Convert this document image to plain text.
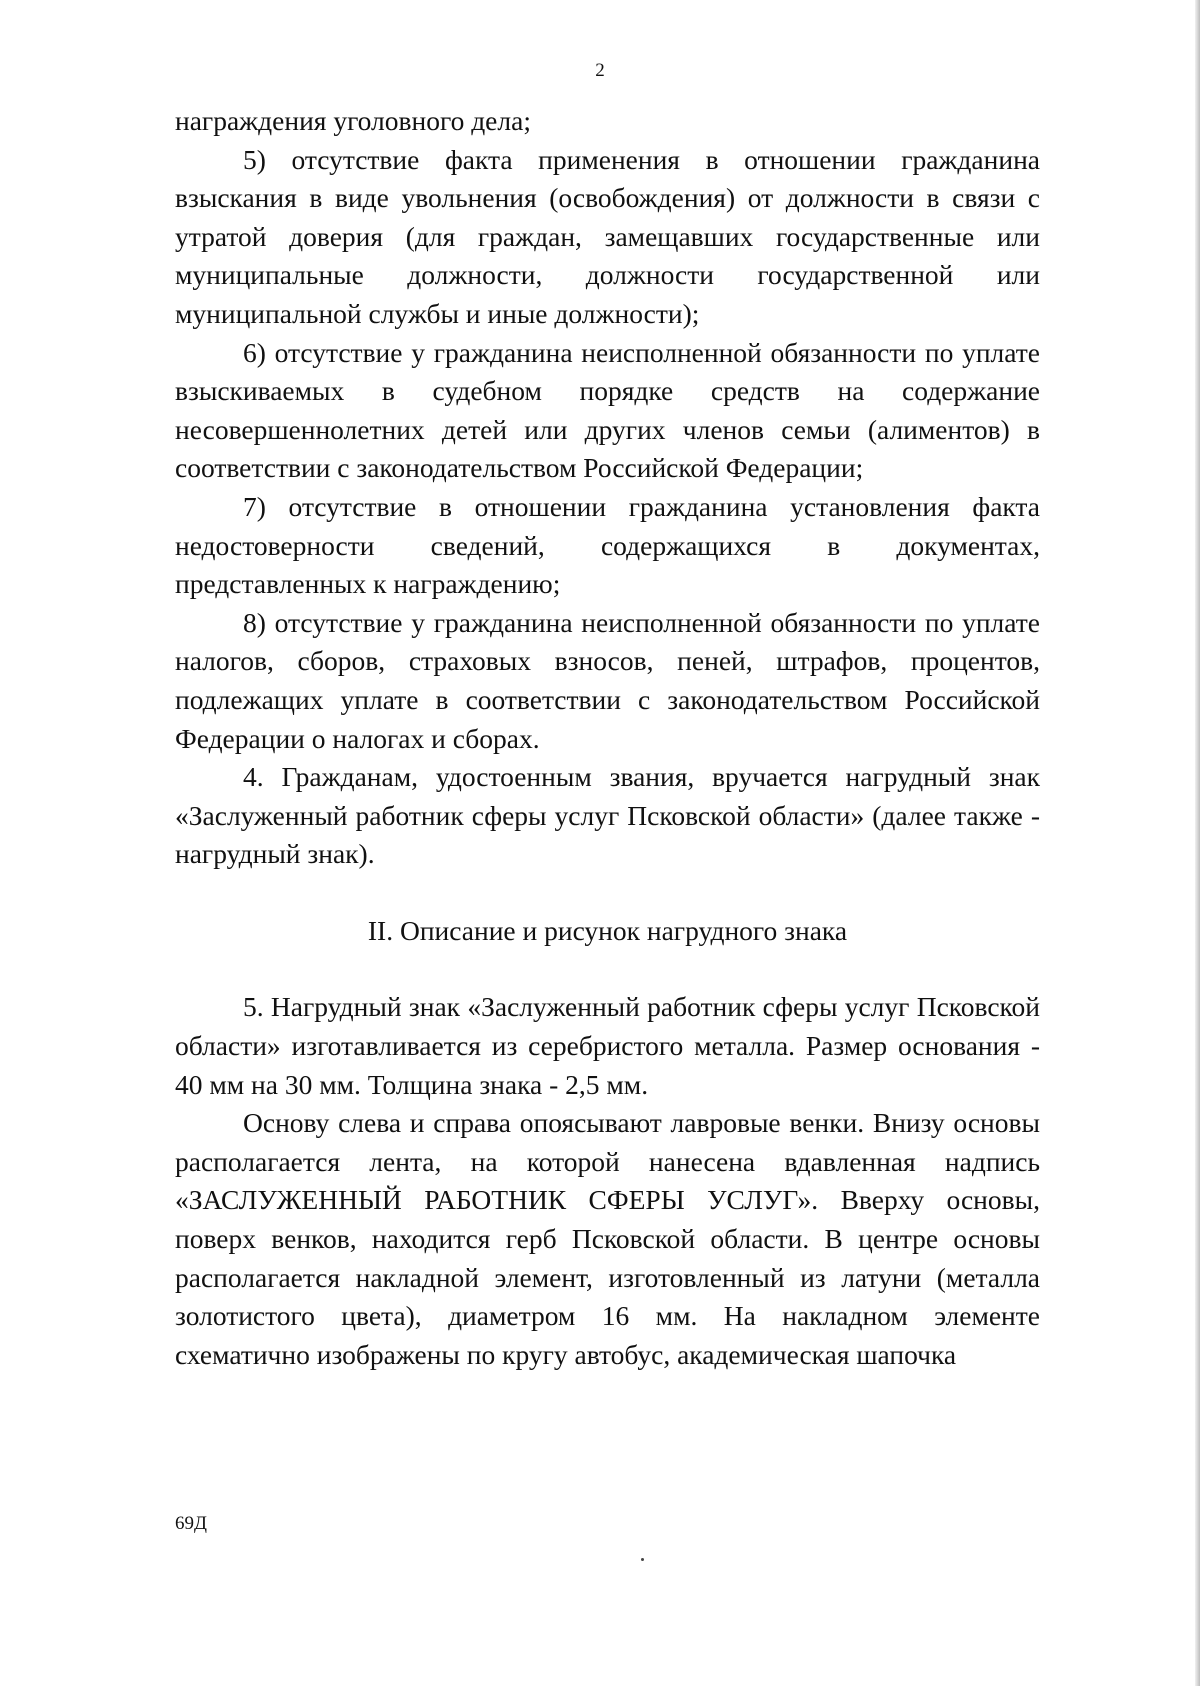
2

награждения уголовного дела;

5) отсутствие факта применения в отношении гражданина взыскания в виде увольнения (освобождения) от должности в связи с утратой доверия (для граждан, замещавших государственные или муниципальные должности, должности государственной или муниципальной службы и иные должности);

6) отсутствие у гражданина неисполненной обязанности по уплате взыскиваемых в судебном порядке средств на содержание несовершеннолетних детей или других членов семьи (алиментов) в соответствии с законодательством Российской Федерации;

7) отсутствие в отношении гражданина установления факта недостоверности сведений, содержащихся в документах, представленных к награждению;

8) отсутствие у гражданина неисполненной обязанности по уплате налогов, сборов, страховых взносов, пеней, штрафов, процентов, подлежащих уплате в соответствии с законодательством Российской Федерации о налогах и сборах.

4. Гражданам, удостоенным звания, вручается нагрудный знак «Заслуженный работник сферы услуг Псковской области» (далее также - нагрудный знак).

II. Описание и рисунок нагрудного знака

5. Нагрудный знак «Заслуженный работник сферы услуг Псковской области» изготавливается из серебристого металла. Размер основания - 40 мм на 30 мм. Толщина знака - 2,5 мм.

Основу слева и справа опоясывают лавровые венки. Внизу основы располагается лента, на которой нанесена вдавленная надпись «ЗАСЛУЖЕННЫЙ РАБОТНИК СФЕРЫ УСЛУГ». Вверху основы, поверх венков, находится герб Псковской области. В центре основы располагается накладной элемент, изготовленный из латуни (металла золотистого цвета), диаметром 16 мм. На накладном элементе схематично изображены по кругу автобус, академическая шапочка

69Д
